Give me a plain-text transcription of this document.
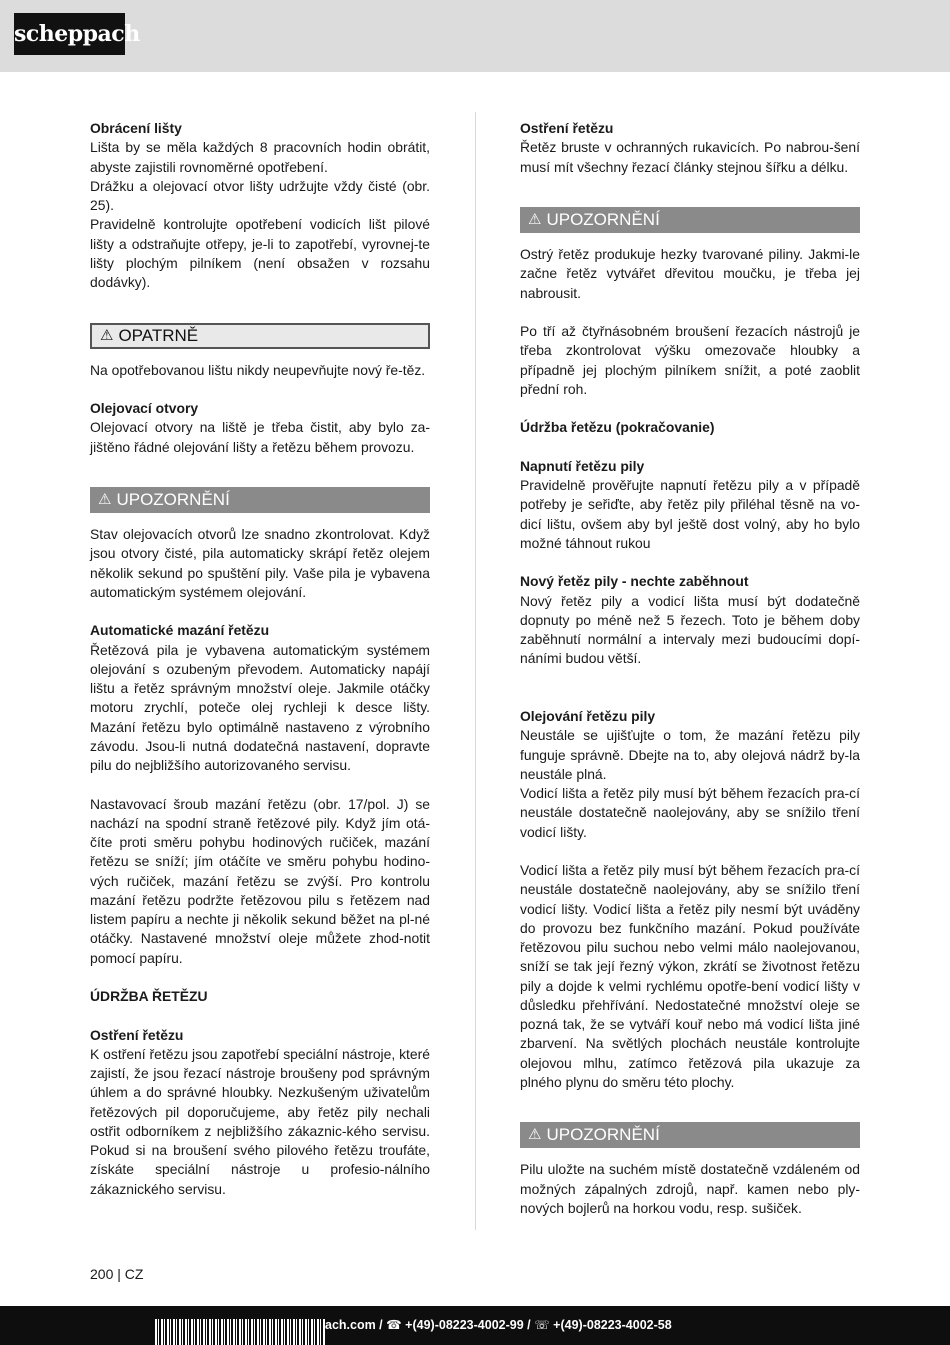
scheppach
Obrácení lišty

Lišta by se měla každých 8 pracovních hodin obrátit, abyste zajistili rovnoměrné opotřebení.

Drážku a olejovací otvor lišty udržujte vždy čisté (obr. 25).

Pravidelně kontrolujte opotřebení vodicích lišt pilové lišty a odstraňujte otřepy, je-li to zapotřebí, vyrovnej-te lišty plochým pilníkem (není obsažen v rozsahu dodávky).

⚠ OPATRNĚ

Na opotřebovanou lištu nikdy neupevňujte nový ře-těz.

Olejovací otvory

Olejovací otvory na liště je třeba čistit, aby bylo za-jištěno řádné olejování lišty a řetězu během provozu.

⚠ UPOZORNĚNÍ

Stav olejovacích otvorů lze snadno zkontrolovat. Když jsou otvory čisté, pila automaticky skrápí řetěz olejem několik sekund po spuštění pily. Vaše pila je vybavena automatickým systémem olejování.

Automatické mazání řetězu

Řetězová pila je vybavena automatickým systémem olejování s ozubeným převodem. Automaticky napájí lištu a řetěz správným množství oleje. Jakmile otáčky motoru zrychlí, poteče olej rychleji k desce lišty. Mazání řetězu bylo optimálně nastaveno z výrobního závodu. Jsou-li nutná dodatečná nastavení, dopravte pilu do nejbližšího autorizovaného servisu.

Nastavovací šroub mazání řetězu (obr. 17/pol. J) se nachází na spodní straně řetězové pily. Když jím otá-číte proti směru pohybu hodinových ručiček, mazání řetězu se sníží; jím otáčíte ve směru pohybu hodino-vých ručiček, mazání řetězu se zvýší. Pro kontrolu mazání řetězu podržte řetězovou pilu s řetězem nad listem papíru a nechte ji několik sekund běžet na pl-né otáčky. Nastavené množství oleje můžete zhod-notit pomocí papíru.

ÚDRŽBA ŘETĚZU
Ostření řetězu

K ostření řetězu jsou zapotřebí speciální nástroje, které zajistí, že jsou řezací nástroje broušeny pod správným úhlem a do správné hloubky. Nezkušeným uživatelům řetězových pil doporučujeme, aby řetěz pily nechali ostřit odborníkem z nejbližšího zákaznic-kého servisu. Pokud si na broušení svého pilového řetězu troufáte, získáte speciální nástroje u profesio-nálního zákaznického servisu.

Ostření řetězu

Řetěz bruste v ochranných rukavicích. Po nabrou-šení musí mít všechny řezací články stejnou šířku a délku.

⚠ UPOZORNĚNÍ

Ostrý řetěz produkuje hezky tvarované piliny. Jakmi-le začne řetěz vytvářet dřevitou moučku, je třeba jej nabrousit.

Po tří až čtyřnásobném broušení řezacích nástrojů je třeba zkontrolovat výšku omezovače hloubky a případně jej plochým pilníkem snížit, a poté zaoblit přední roh.

Údržba řetězu (pokračovanie)
Napnutí řetězu pily

Pravidelně prověřujte napnutí řetězu pily a v případě potřeby je seřiďte, aby řetěz pily přiléhal těsně na vo-dicí lištu, ovšem aby byl ještě dost volný, aby ho bylo možné táhnout rukou

Nový řetěz pily - nechte zaběhnout

Nový řetěz pily a vodicí lišta musí být dodatečně dopnuty po méně než 5 řezech. Toto je během doby zaběhnutí normální a intervaly mezi budoucími dopí-náními budou větší.

Olejování řetězu pily

Neustále se ujišťujte o tom, že mazání řetězu pily funguje správně. Dbejte na to, aby olejová nádrž by-la neustále plná.

Vodicí lišta a řetěz pily musí být během řezacích pra-cí neustále dostatečně naolejovány, aby se snížilo tření vodicí lišty.

Vodicí lišta a řetěz pily musí být během řezacích pra-cí neustále dostatečně naolejovány, aby se snížilo tření vodicí lišty. Vodicí lišta a řetěz pily nesmí být uváděny do provozu bez funkčního mazání. Pokud používáte řetězovou pilu suchou nebo velmi málo naolejovanou, sníží se tak její řezný výkon, zkrátí se životnost řetězu pily a dojde k velmi rychlému opotře-bení vodicí lišty v důsledku přehřívání. Nedostatečné množství oleje se pozná tak, že se vytváří kouř nebo má vodicí lišta jiné zbarvení. Na světlých plochách neustále kontrolujte olejovou mlhu, zatímco řetězová pila ukazuje za plného plynu do směru této plochy.

⚠ UPOZORNĚNÍ

Pilu uložte na suchém místě dostatečně vzdáleném od možných zápalných zdrojů, např. kamen nebo ply-nových bojlerů na horkou vodu, resp. sušiček.

200 | CZ
ach.com / ☎ +(49)-08223-4002-99 / ☏ +(49)-08223-4002-58
